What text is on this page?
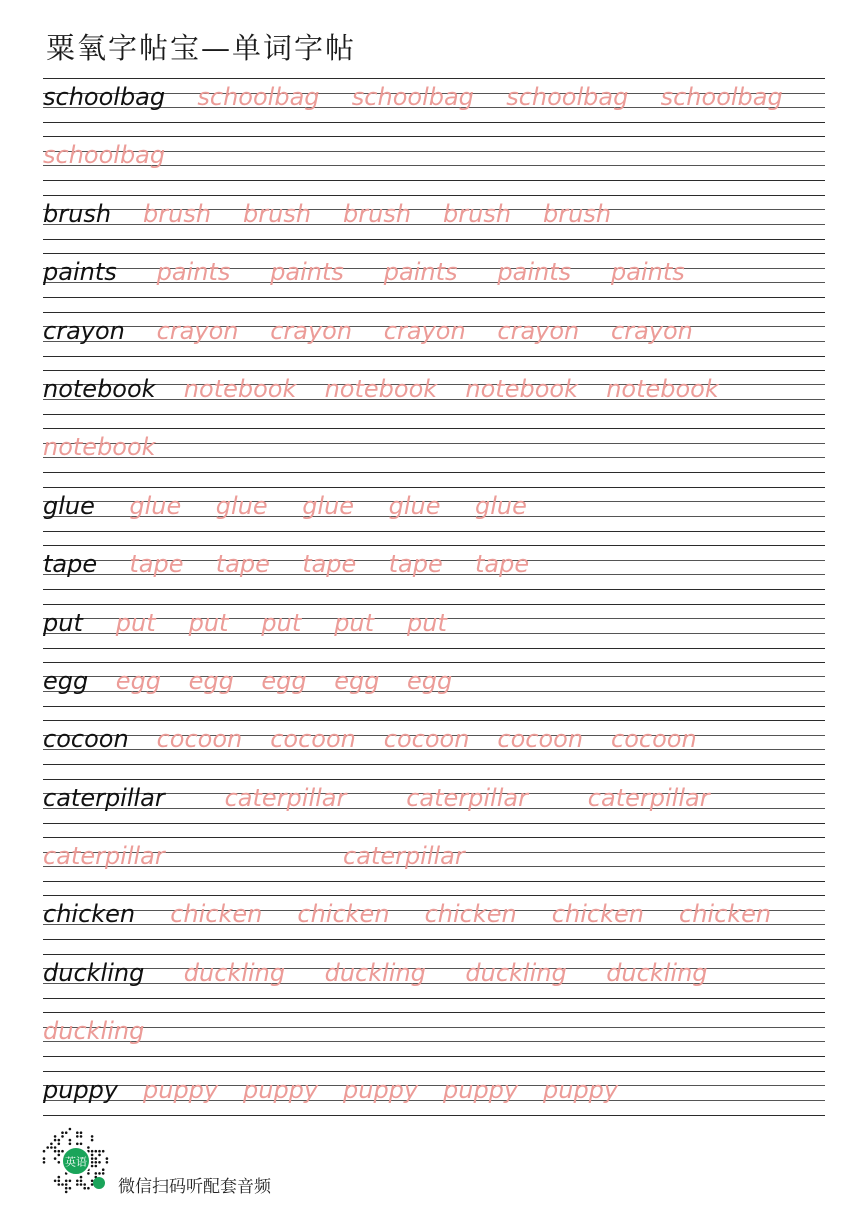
粟氧字帖宝—单词字帖
schoolbag schoolbag schoolbag schoolbag schoolbag
schoolbag
brush brush brush brush brush brush
paints paints paints paints paints paints
crayon crayon crayon crayon crayon crayon
notebook notebook notebook notebook notebook
notebook
glue glue glue glue glue glue
tape tape tape tape tape tape
put put put put put put
egg egg egg egg egg egg
cocoon cocoon cocoon cocoon cocoon cocoon
caterpillar caterpillar caterpillar caterpillar
caterpillar	caterpillar
chicken chicken chicken chicken chicken chicken
duckling duckling duckling duckling duckling
duckling
puppy puppy puppy puppy puppy puppy
英语
微信扫码听配套音频
